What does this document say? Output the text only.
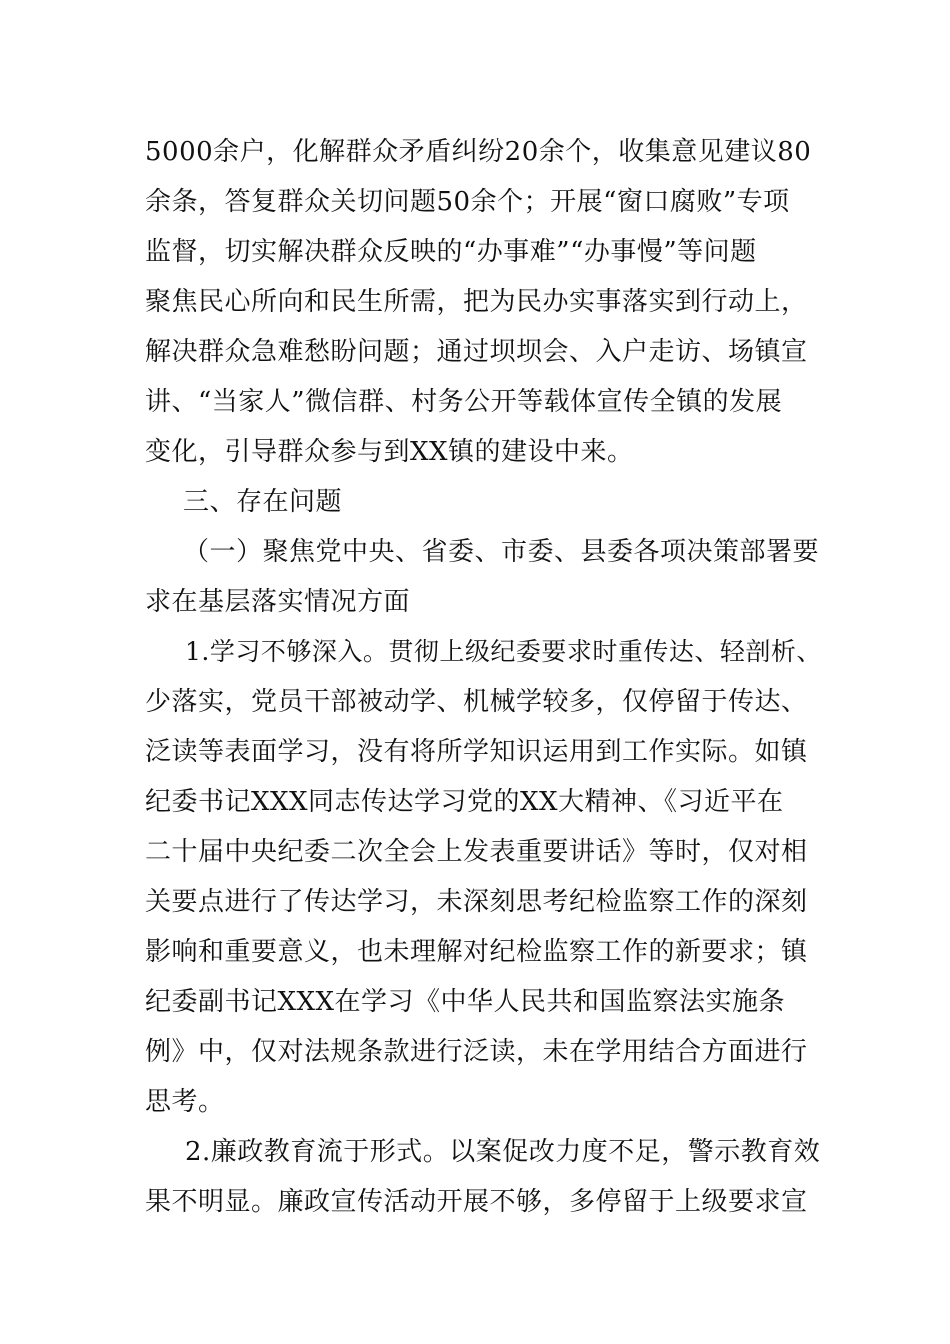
5000余户，化解群众矛盾纠纷20余个，收集意见建议80
余条，答复群众关切问题50余个；开展“窗口腐败”专项
监督，切实解决群众反映的“办事难”“办事慢”等问题
聚焦民心所向和民生所需，把为民办实事落实到行动上，
解决群众急难愁盼问题；通过坝坝会、入户走访、场镇宣
讲、“当家人”微信群、村务公开等载体宣传全镇的发展
变化，引导群众参与到XX镇的建设中来。
三、存在问题
（一）聚焦党中央、省委、市委、县委各项决策部署要
求在基层落实情况方面
1.学习不够深入。贯彻上级纪委要求时重传达、轻剖析、
少落实，党员干部被动学、机械学较多，仅停留于传达、
泛读等表面学习，没有将所学知识运用到工作实际。如镇
纪委书记XXX同志传达学习党的XX大精神、《习近平在
二十届中央纪委二次全会上发表重要讲话》等时，仅对相
关要点进行了传达学习，未深刻思考纪检监察工作的深刻
影响和重要意义，也未理解对纪检监察工作的新要求；镇
纪委副书记XXX在学习《中华人民共和国监察法实施条
例》中，仅对法规条款进行泛读，未在学用结合方面进行
思考。
2.廉政教育流于形式。以案促改力度不足，警示教育效
果不明显。廉政宣传活动开展不够，多停留于上级要求宣
